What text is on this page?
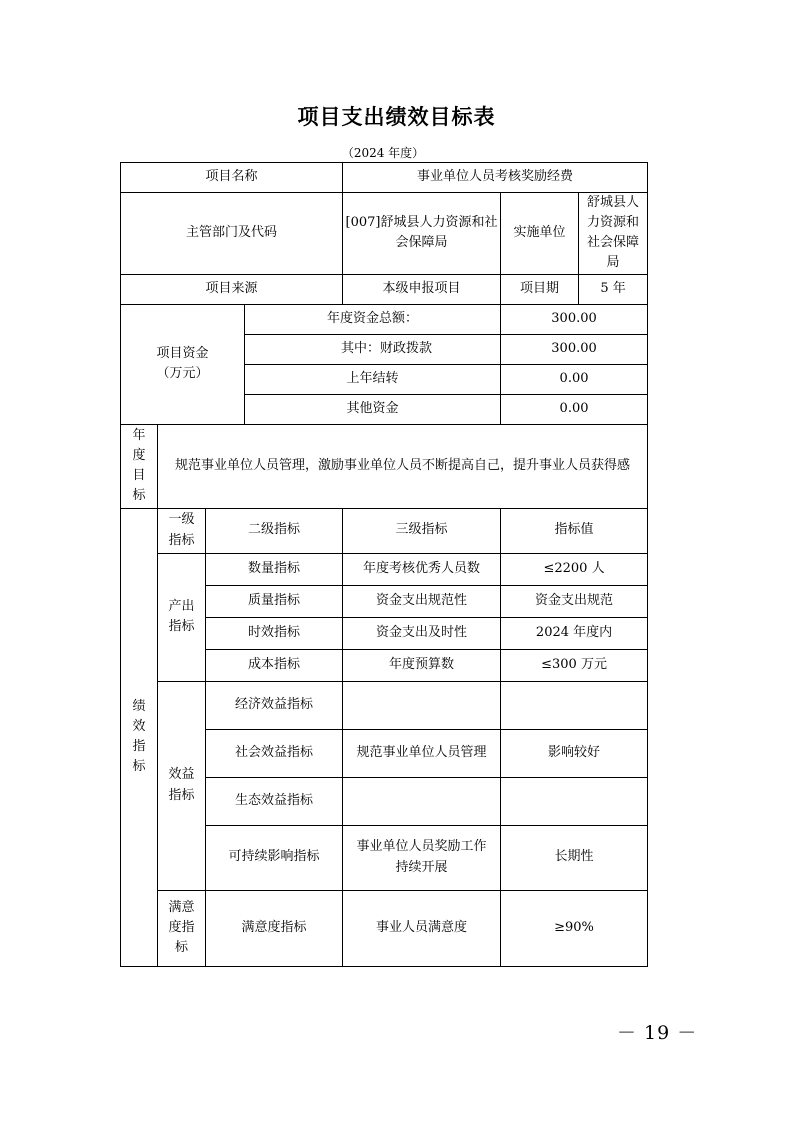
项目支出绩效目标表
（2024 年度）
项目名称				事业单位人员考核奖励经费		
主管部门及代码				[007]舒城县人力资源和社会保障局	实施单位	舒城县人力资源和社会保障局
项目来源				本级申报项目	项目期	5 年
项目资金（万元）			年度资金总额：		300.00	
			其中：财政拨款		300.00	
			上年结转		0.00	
			其他资金		0.00	
年度目标	规范事业单位人员管理，激励事业单位人员不断提高自己，提升事业人员获得感					
绩效指标	一级指标	二级指标		三级指标	指标值	
	产出指标	数量指标		年度考核优秀人员数	≤2200 人	
		质量指标		资金支出规范性	资金支出规范	
		时效指标		资金支出及时性	2024 年度内	
		成本指标		年度预算数	≤300 万元	
	效益指标	经济效益指标				
		社会效益指标		规范事业单位人员管理	影响较好	
		生态效益指标				
		可持续影响指标		事业单位人员奖励工作持续开展	长期性	
	满意度指标	满意度指标		事业人员满意度	≥90%	
－ 19 －
